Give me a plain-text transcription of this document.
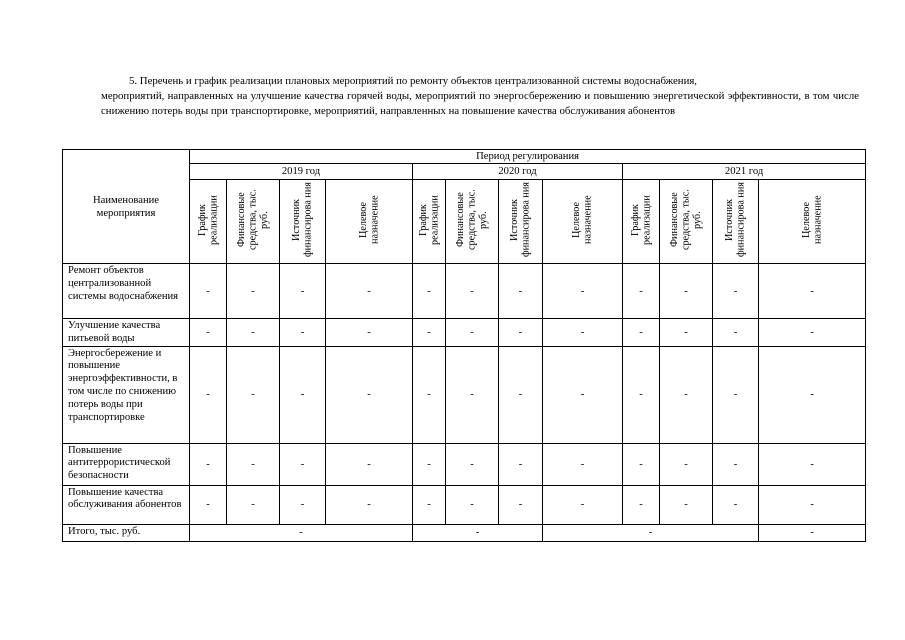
5. Перечень и график реализации плановых мероприятий по ремонту объектов централизованной системы водоснабжения,
мероприятий, направленных на улучшение качества горячей воды, мероприятий по энергосбережению и повышению энергетической эффективности, в том числе снижению потерь воды при транспортировке, мероприятий, направленных на повышение качества обслуживания абонентов
Наименование мероприятия	Период регулирования											
	2019 год				2020 год				2021 год			
	График реализации	Финансовые средства, тыс. руб.	Источник финансирова ния	Целевое назначение	График реализации	Финансовые средства, тыс. руб.	Источник финансирова ния	Целевое назначение	График реализации	Финансовые средства, тыс. руб.	Источник финансирова ния	Целевое назначение
Ремонт объектов централизованной системы водоснабжения	-	-	-	-	-	-	-	-	-	-	-	-
Улучшение качества питьевой воды	-	-	-	-	-	-	-	-	-	-	-	-
Энергосбережение и повышение энергоэффективности, в том числе по снижению потерь воды при транспортировке	-	-	-	-	-	-	-	-	-	-	-	-
Повышение антитеррористической безопасности	-	-	-	-	-	-	-	-	-	-	-	-
Повышение качества обслуживания абонентов	-	-	-	-	-	-	-	-	-	-	-	-
Итого, тыс. руб.	-				-			-				-
